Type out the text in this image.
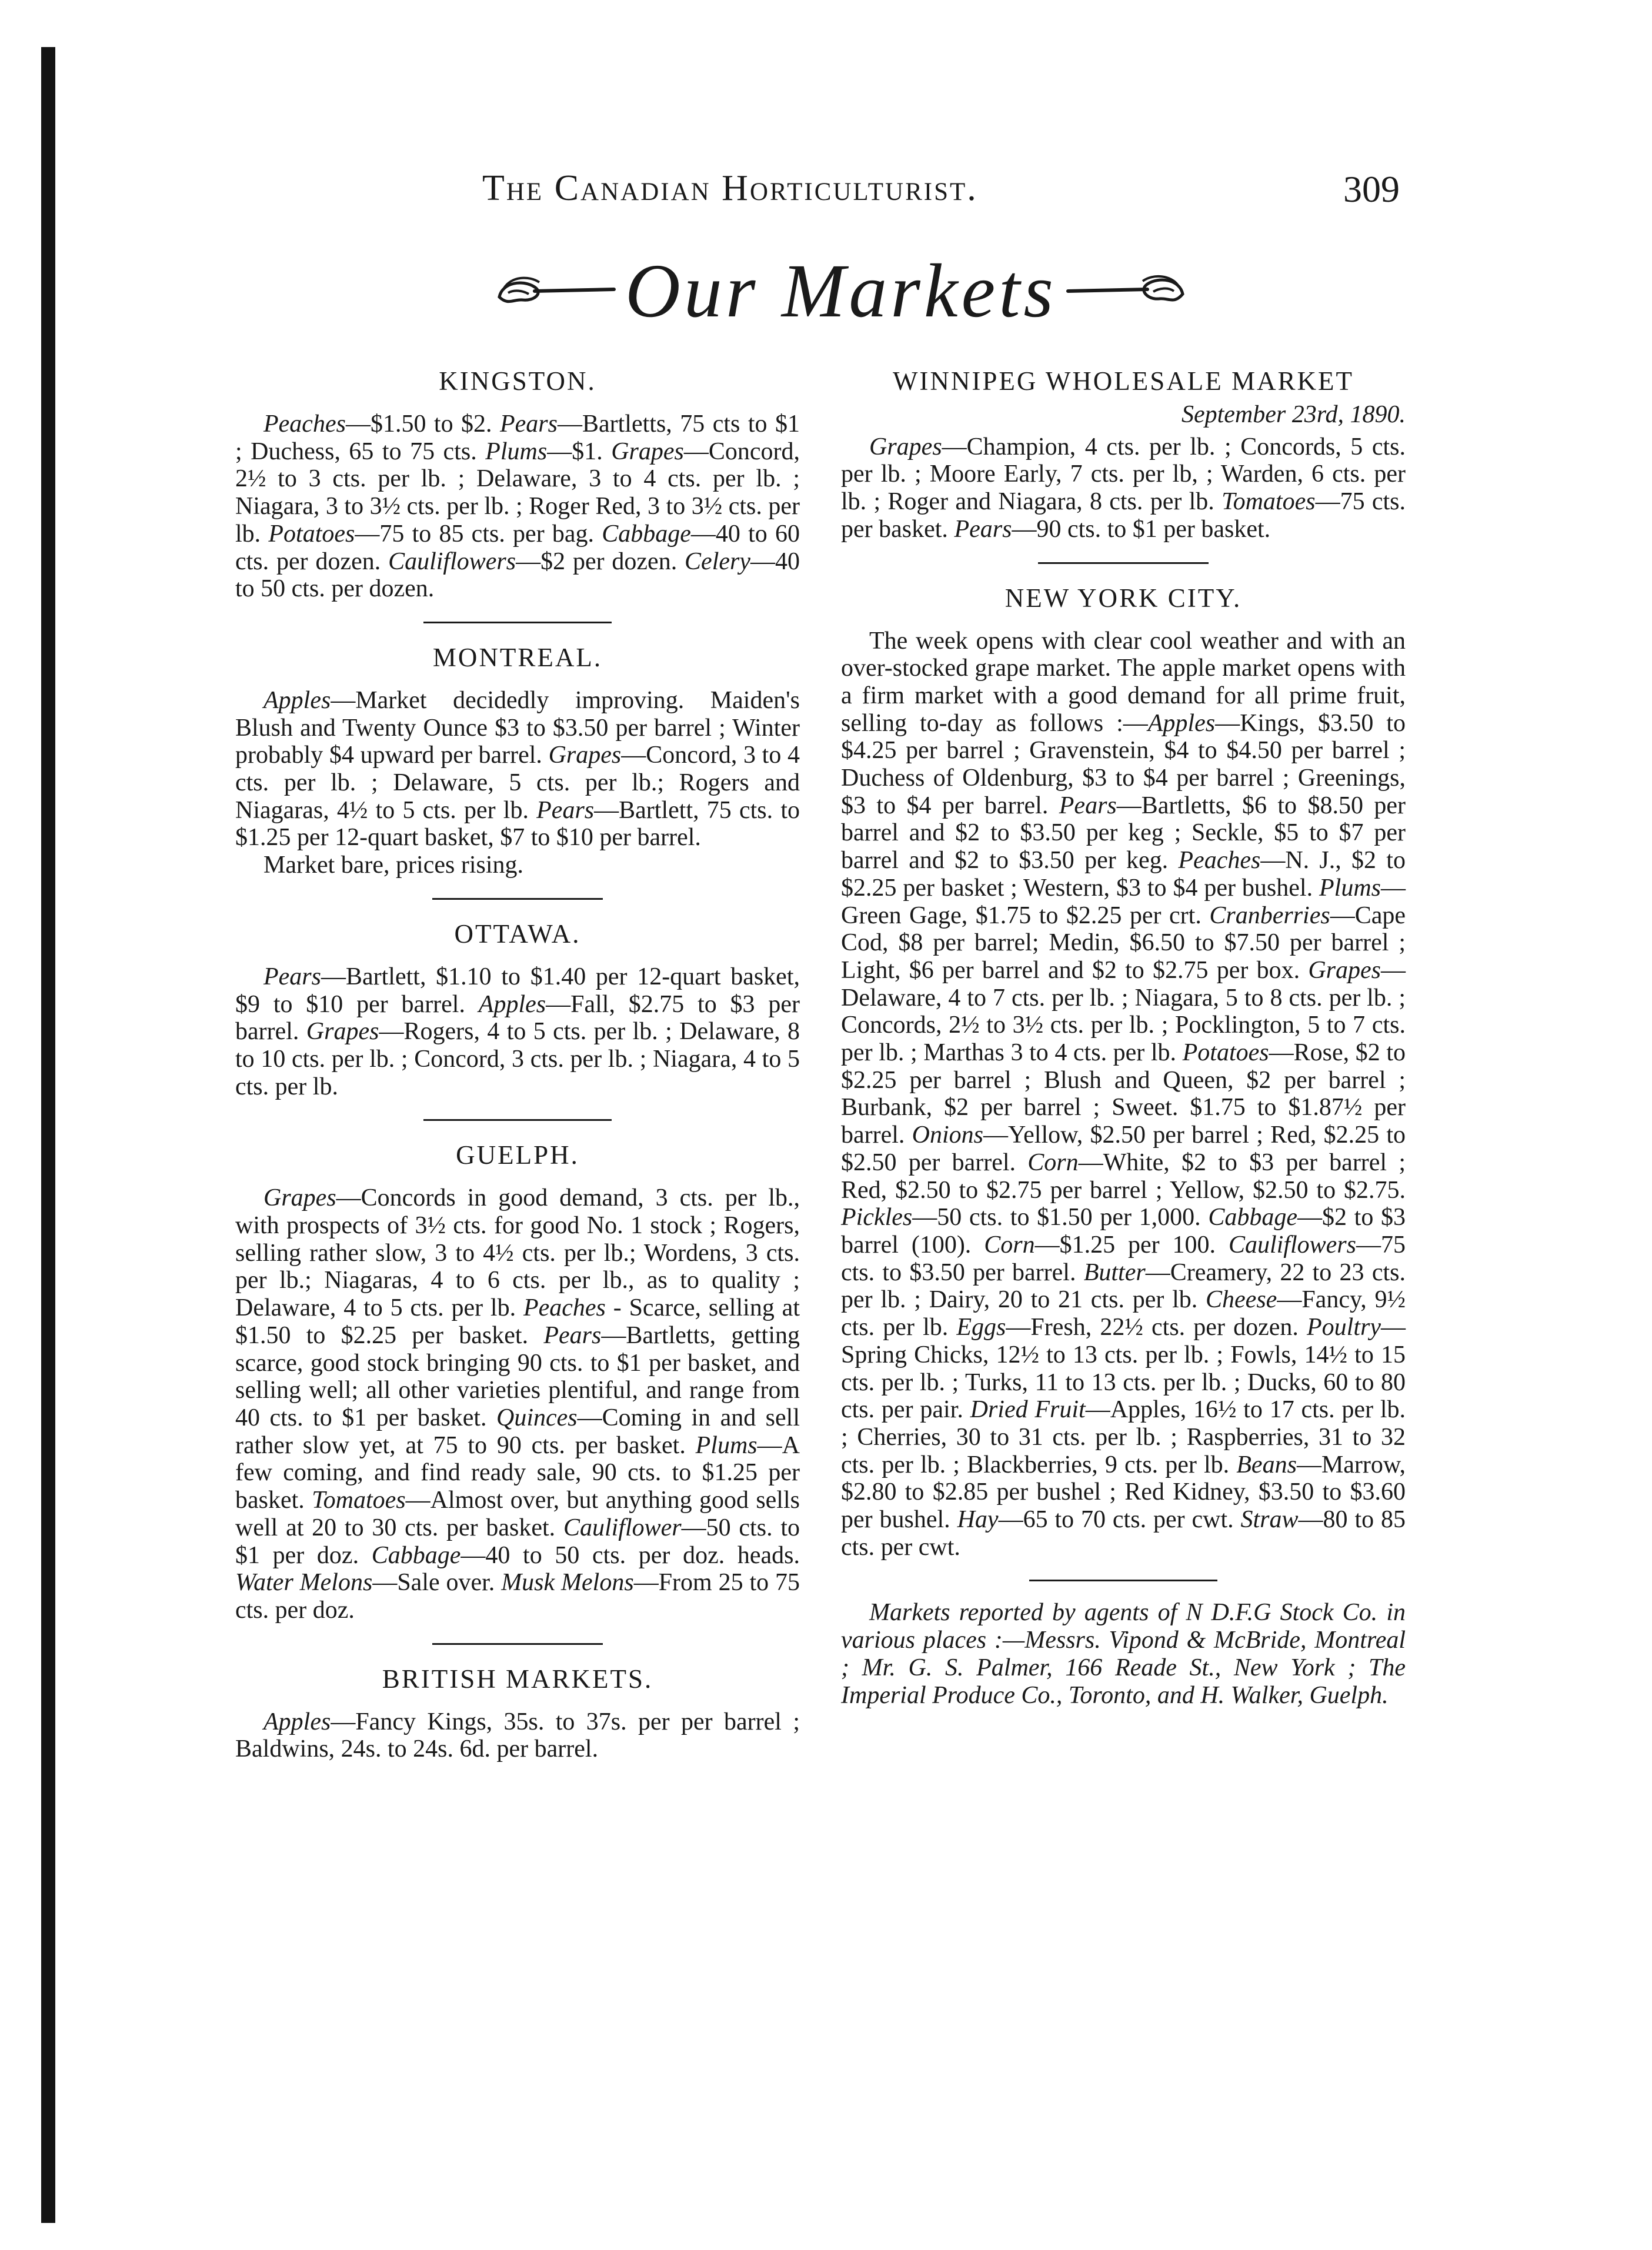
The Canadian Horticulturist.	309
Our Markets
KINGSTON.

Peaches—$1.50 to $2. Pears—Bartletts, 75 cts to $1 ; Duchess, 65 to 75 cts. Plums—$1. Grapes—Concord, 2½ to 3 cts. per lb. ; Delaware, 3 to 4 cts. per lb. ; Niagara, 3 to 3½ cts. per lb. ; Roger Red, 3 to 3½ cts. per lb. Potatoes—75 to 85 cts. per bag. Cabbage—40 to 60 cts. per dozen. Cauliflowers—$2 per dozen. Celery—40 to 50 cts. per dozen.

MONTREAL.

Apples—Market decidedly improving. Maiden's Blush and Twenty Ounce $3 to $3.50 per barrel ; Winter probably $4 upward per barrel. Grapes—Concord, 3 to 4 cts. per lb. ; Delaware, 5 cts. per lb.; Rogers and Niagaras, 4½ to 5 cts. per lb. Pears—Bartlett, 75 cts. to $1.25 per 12-quart basket, $7 to $10 per barrel.

Market bare, prices rising.

OTTAWA.

Pears—Bartlett, $1.10 to $1.40 per 12-quart basket, $9 to $10 per barrel. Apples—Fall, $2.75 to $3 per barrel. Grapes—Rogers, 4 to 5 cts. per lb. ; Delaware, 8 to 10 cts. per lb. ; Concord, 3 cts. per lb. ; Niagara, 4 to 5 cts. per lb.

GUELPH.

Grapes—Concords in good demand, 3 cts. per lb., with prospects of 3½ cts. for good No. 1 stock ; Rogers, selling rather slow, 3 to 4½ cts. per lb.; Wordens, 3 cts. per lb.; Niagaras, 4 to 6 cts. per lb., as to quality ; Delaware, 4 to 5 cts. per lb. Peaches - Scarce, selling at $1.50 to $2.25 per basket. Pears—Bartletts, getting scarce, good stock bringing 90 cts. to $1 per basket, and selling well; all other varieties plentiful, and range from 40 cts. to $1 per basket. Quinces—Coming in and sell rather slow yet, at 75 to 90 cts. per basket. Plums—A few coming, and find ready sale, 90 cts. to $1.25 per basket. Tomatoes—Almost over, but anything good sells well at 20 to 30 cts. per basket. Cauliflower—50 cts. to $1 per doz. Cabbage—40 to 50 cts. per doz. heads. Water Melons—Sale over. Musk Melons—From 25 to 75 cts. per doz.

BRITISH MARKETS.

Apples—Fancy Kings, 35s. to 37s. per per barrel ; Baldwins, 24s. to 24s. 6d. per barrel.

WINNIPEG WHOLESALE MARKET
September 23rd, 1890.

Grapes—Champion, 4 cts. per lb. ; Concords, 5 cts. per lb. ; Moore Early, 7 cts. per lb, ; Warden, 6 cts. per lb. ; Roger and Niagara, 8 cts. per lb. Tomatoes—75 cts. per basket. Pears—90 cts. to $1 per basket.

NEW YORK CITY.

The week opens with clear cool weather and with an over-stocked grape market. The apple market opens with a firm market with a good demand for all prime fruit, selling to-day as follows :—Apples—Kings, $3.50 to $4.25 per barrel ; Gravenstein, $4 to $4.50 per barrel ; Duchess of Oldenburg, $3 to $4 per barrel ; Greenings, $3 to $4 per barrel. Pears—Bartletts, $6 to $8.50 per barrel and $2 to $3.50 per keg ; Seckle, $5 to $7 per barrel and $2 to $3.50 per keg. Peaches—N. J., $2 to $2.25 per basket ; Western, $3 to $4 per bushel. Plums—Green Gage, $1.75 to $2.25 per crt. Cranberries—Cape Cod, $8 per barrel; Medin, $6.50 to $7.50 per barrel ; Light, $6 per barrel and $2 to $2.75 per box. Grapes—Delaware, 4 to 7 cts. per lb. ; Niagara, 5 to 8 cts. per lb. ; Concords, 2½ to 3½ cts. per lb. ; Pocklington, 5 to 7 cts. per lb. ; Marthas 3 to 4 cts. per lb. Potatoes—Rose, $2 to $2.25 per barrel ; Blush and Queen, $2 per barrel ; Burbank, $2 per barrel ; Sweet. $1.75 to $1.87½ per barrel. Onions—Yellow, $2.50 per barrel ; Red, $2.25 to $2.50 per barrel. Corn—White, $2 to $3 per barrel ; Red, $2.50 to $2.75 per barrel ; Yellow, $2.50 to $2.75. Pickles—50 cts. to $1.50 per 1,000. Cabbage—$2 to $3 barrel (100). Corn—$1.25 per 100. Cauliflowers—75 cts. to $3.50 per barrel. Butter—Creamery, 22 to 23 cts. per lb. ; Dairy, 20 to 21 cts. per lb. Cheese—Fancy, 9½ cts. per lb. Eggs—Fresh, 22½ cts. per dozen. Poultry—Spring Chicks, 12½ to 13 cts. per lb. ; Fowls, 14½ to 15 cts. per lb. ; Turks, 11 to 13 cts. per lb. ; Ducks, 60 to 80 cts. per pair. Dried Fruit—Apples, 16½ to 17 cts. per lb. ; Cherries, 30 to 31 cts. per lb. ; Raspberries, 31 to 32 cts. per lb. ; Blackberries, 9 cts. per lb. Beans—Marrow, $2.80 to $2.85 per bushel ; Red Kidney, $3.50 to $3.60 per bushel. Hay—65 to 70 cts. per cwt. Straw—80 to 85 cts. per cwt.

Markets reported by agents of N D.F.G Stock Co. in various places :—Messrs. Vipond & McBride, Montreal ; Mr. G. S. Palmer, 166 Reade St., New York ; The Imperial Produce Co., Toronto, and H. Walker, Guelph.
